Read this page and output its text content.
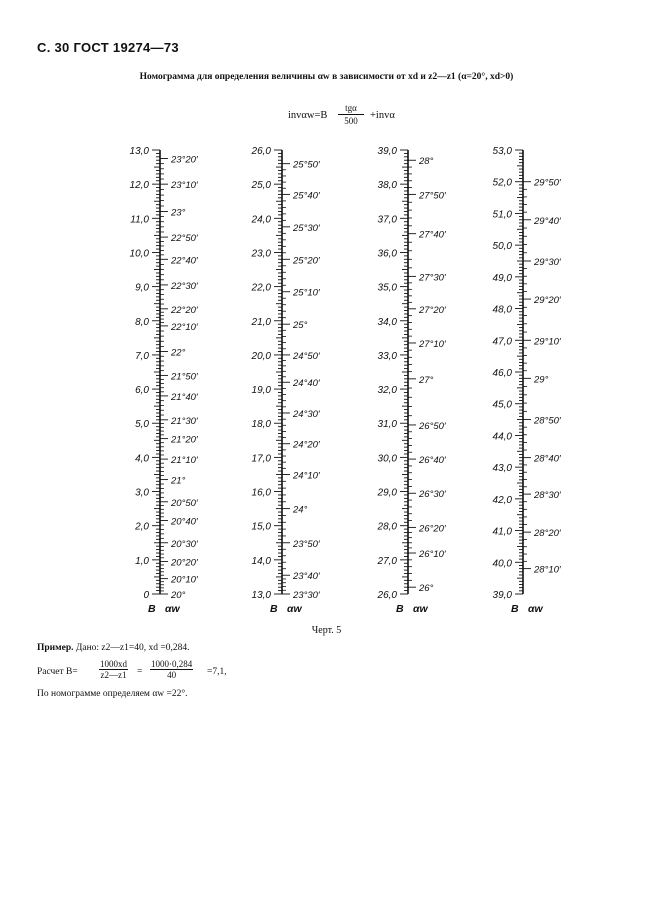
С. 30 ГОСТ 19274—73
Номограмма для определения величины αw в зависимости от xd и z2—z1 (α=20°, xd>0)
invαw=B
tgα
500	+invα
0
1,0
2,0
3,0
4,0
5,0
6,0
7,0
8,0
9,0
10,0
11,0
12,0
13,0
20°
20°10′
20°20′
20°30′
20°40′
20°50′
21°
21°10′
21°20′
21°30′
21°40′
21°50′
22°
22°10′
22°20′
22°30′
22°40′
22°50′
23°
23°10′
23°20′
B αw
13,0
14,0
15,0
16,0
17,0
18,0
19,0
20,0
21,0
22,0
23,0
24,0
25,0
26,0
23°30′
23°40′
23°50′
24°
24°10′
24°20′
24°30′
24°40′
24°50′
25°
25°10′
25°20′
25°30′
25°40′
25°50′
B αw
26,0
27,0
28,0
29,0
30,0
31,0
32,0
33,0
34,0
35,0
36,0
37,0
38,0
39,0
26°
26°10′
26°20′
26°30′
26°40′
26°50′
27°
27°10′
27°20′
27°30′
27°40′
27°50′
28°
B αw
39,0
40,0
41,0
42,0
43,0
44,0
45,0
46,0
47,0
48,0
49,0
50,0
51,0
52,0
53,0
28°10′
28°20′
28°30′
28°40′
28°50′
29°
29°10′
29°20′
29°30′
29°40′
29°50′
B αw
Черт. 5
Пример. Дано: z2—z1=40, xd =0,284.
Расчет $B= \frac{1000xd}{z2—z1} = \frac{1000\cdot 0,284}{40} =7,1$,
По номограмме определяем αw =22°.
